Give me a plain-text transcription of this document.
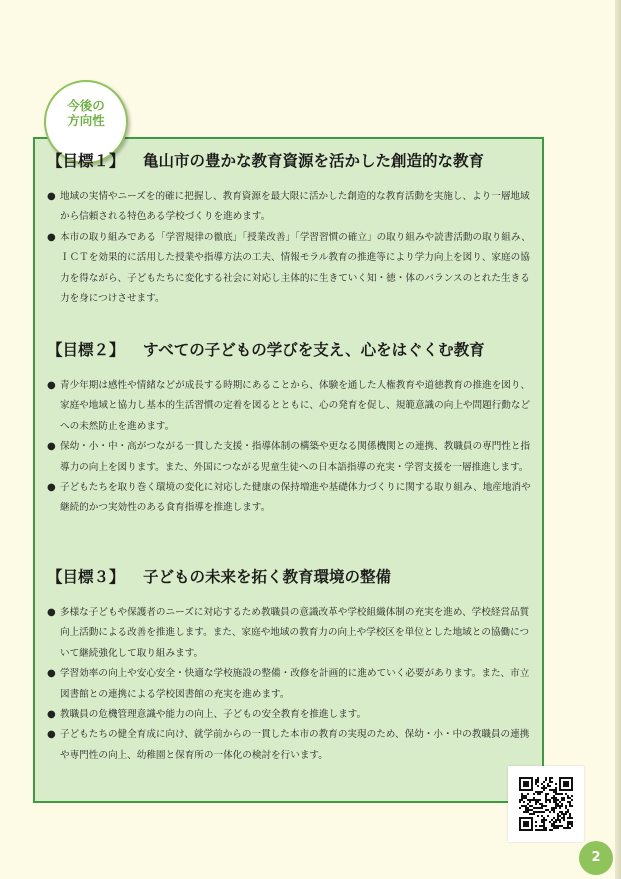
今後の
方向性
【目標１】	亀山市の豊かな教育資源を活かした創造的な教育
● 地域の実情やニーズを的確に把握し、教育資源を最大限に活かした創造的な教育活動を実施し、より一層地域から信頼される特色ある学校づくりを進めます。
● 本市の取り組みである「学習規律の徹底」「授業改善」「学習習慣の確立」の取り組みや読書活動の取り組み、ＩＣＴを効果的に活用した授業や指導方法の工夫、情報モラル教育の推進等により学力向上を図り、家庭の協力を得ながら、子どもたちに変化する社会に対応し主体的に生きていく知・徳・体のバランスのとれた生きる力を身につけさせます。
【目標２】	すべての子どもの学びを支え、心をはぐくむ教育
● 青少年期は感性や情緒などが成長する時期にあることから、体験を通した人権教育や道徳教育の推進を図り、家庭や地域と協力し基本的生活習慣の定着を図るとともに、心の発育を促し、規範意識の向上や問題行動などへの未然防止を進めます。
● 保幼・小・中・高がつながる一貫した支援・指導体制の構築や更なる関係機関との連携、教職員の専門性と指導力の向上を図ります。また、外国につながる児童生徒への日本語指導の充実・学習支援を一層推進します。
● 子どもたちを取り巻く環境の変化に対応した健康の保持増進や基礎体力づくりに関する取り組み、地産地消や継続的かつ実効性のある食育指導を推進します。
【目標３】	子どもの未来を拓く教育環境の整備
● 多様な子どもや保護者のニーズに対応するため教職員の意識改革や学校組織体制の充実を進め、学校経営品質向上活動による改善を推進します。また、家庭や地域の教育力の向上や学校区を単位とした地域との協働について継続強化して取り組みます。
● 学習効率の向上や安心安全・快適な学校施設の整備・改修を計画的に進めていく必要があります。また、市立図書館との連携による学校図書館の充実を進めます。
● 教職員の危機管理意識や能力の向上、子どもの安全教育を推進します。
● 子どもたちの健全育成に向け、就学前からの一貫した本市の教育の実現のため、保幼・小・中の教職員の連携や専門性の向上、幼稚園と保育所の一体化の検討を行います。
2
